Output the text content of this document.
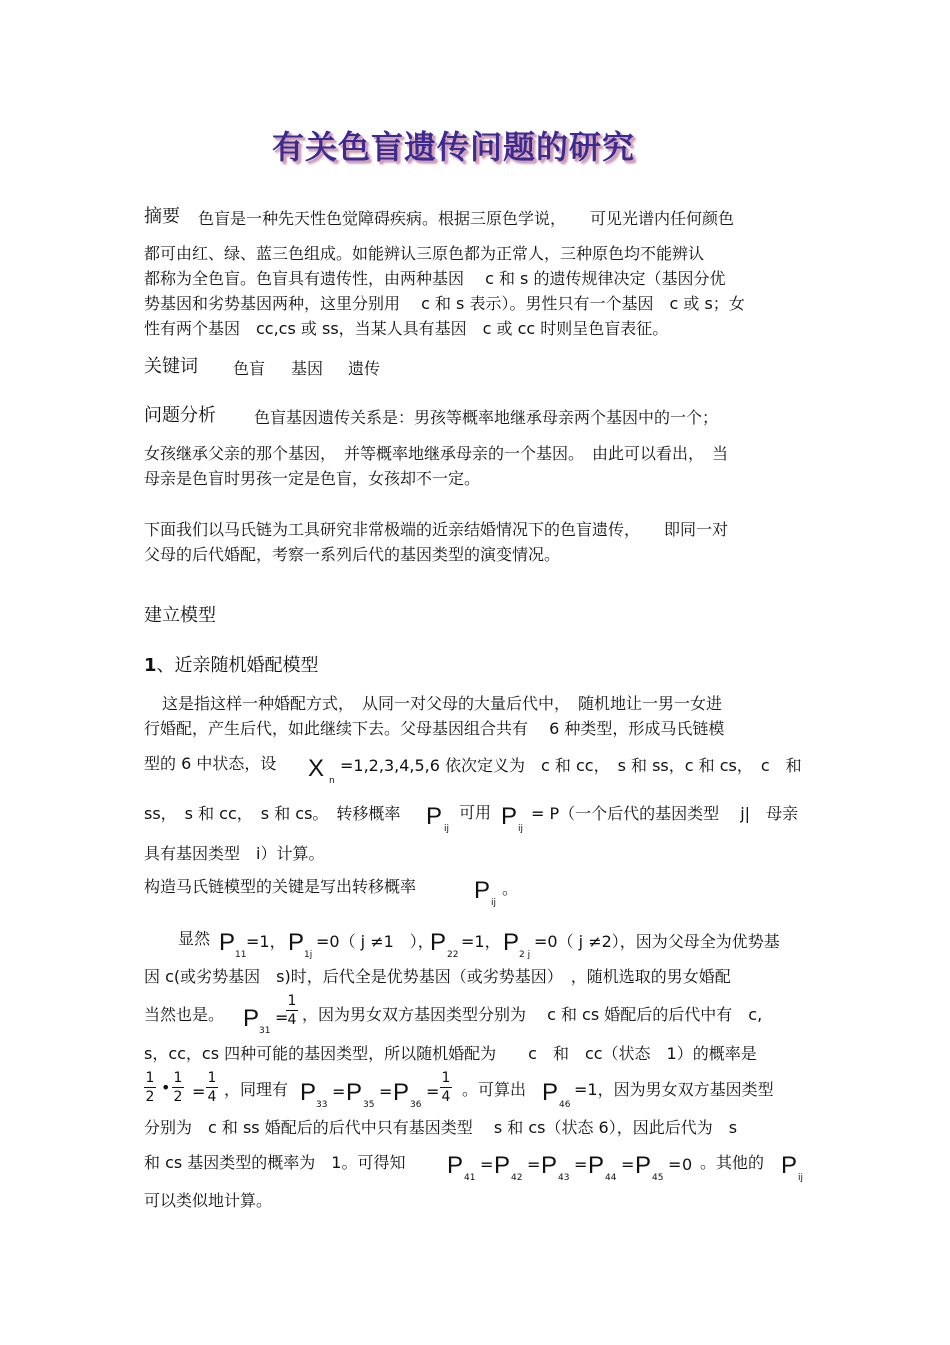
有关色盲遗传问题的研究
摘要 色盲是一种先天性色觉障碍疾病。根据三原色学说，　　可见光谱内任何颜色
都可由红、绿、蓝三色组成。如能辨认三原色都为正常人，三种原色均不能辨认
都称为全色盲。色盲具有遗传性，由两种基因　 c 和 s 的遗传规律决定（基因分优
势基因和劣势基因两种，这里分别用　 c 和 s 表示）。男性只有一个基因　c 或 s；女
性有两个基因　cc,cs 或 ss，当某人具有基因　c 或 cc 时则呈色盲表征。
关键词 色盲 基因 遗传
问题分析 色盲基因遗传关系是：男孩等概率地继承母亲两个基因中的一个；
女孩继承父亲的那个基因，　并等概率地继承母亲的一个基因。　由此可以看出，　当
母亲是色盲时男孩一定是色盲，女孩却不一定。
下面我们以马氏链为工具研究非常极端的近亲结婚情况下的色盲遗传，　　即同一对
父母的后代婚配，考察一系列后代的基因类型的演变情况。
建立模型
1、近亲随机婚配模型
这是指这样一种婚配方式，　从同一对父母的大量后代中，　随机地让一男一女进
行婚配，产生后代，如此继续下去。父母基因组合共有　 6 种类型，形成马氏链模
型的 6 中状态，设 X n
=1,2,3,4,5,6 依次定义为　c 和 cc，　s 和 ss，c 和 cs，　c　和
ss，　s 和 cc，　s 和 cs。　转移概率 P ij
可用 P ij
= P（一个后代的基因类型　 j|　母亲
具有基因类型　i）计算。
构造马氏链模型的关键是写出转移概率 P ij
。
显然 P 11
=1， P 1j
=0（ j ≠1　），
P 22
=1， P 2 j
=0（ j ≠2），因为父母全为优势基
因 c(或劣势基因　s)时，后代全是优势基因（或劣势基因）　，随机选取的男女婚配
当然也是。 P 31
=
1
4 ，因为男女双方基因类型分别为　 c 和 cs 婚配后的后代中有　c,
s，cc，cs 四种可能的基因类型，所以随机婚配为　　c　和　cc（状态　1）的概率是
1
2 • 1
2 =
1
4 ，同理有 P 33
= P 35
= P 36
=
1
4 。可算出 P 46
=1，因为男女双方基因类型
分别为　c 和 ss 婚配后的后代中只有基因类型　 s 和 cs（状态 6），因此后代为　s
和 cs 基因类型的概率为　1。可得知 P 41
= P 42
= P 43
= P 44
= P 45
= 0 。其他的 P ij
可以类似地计算。
